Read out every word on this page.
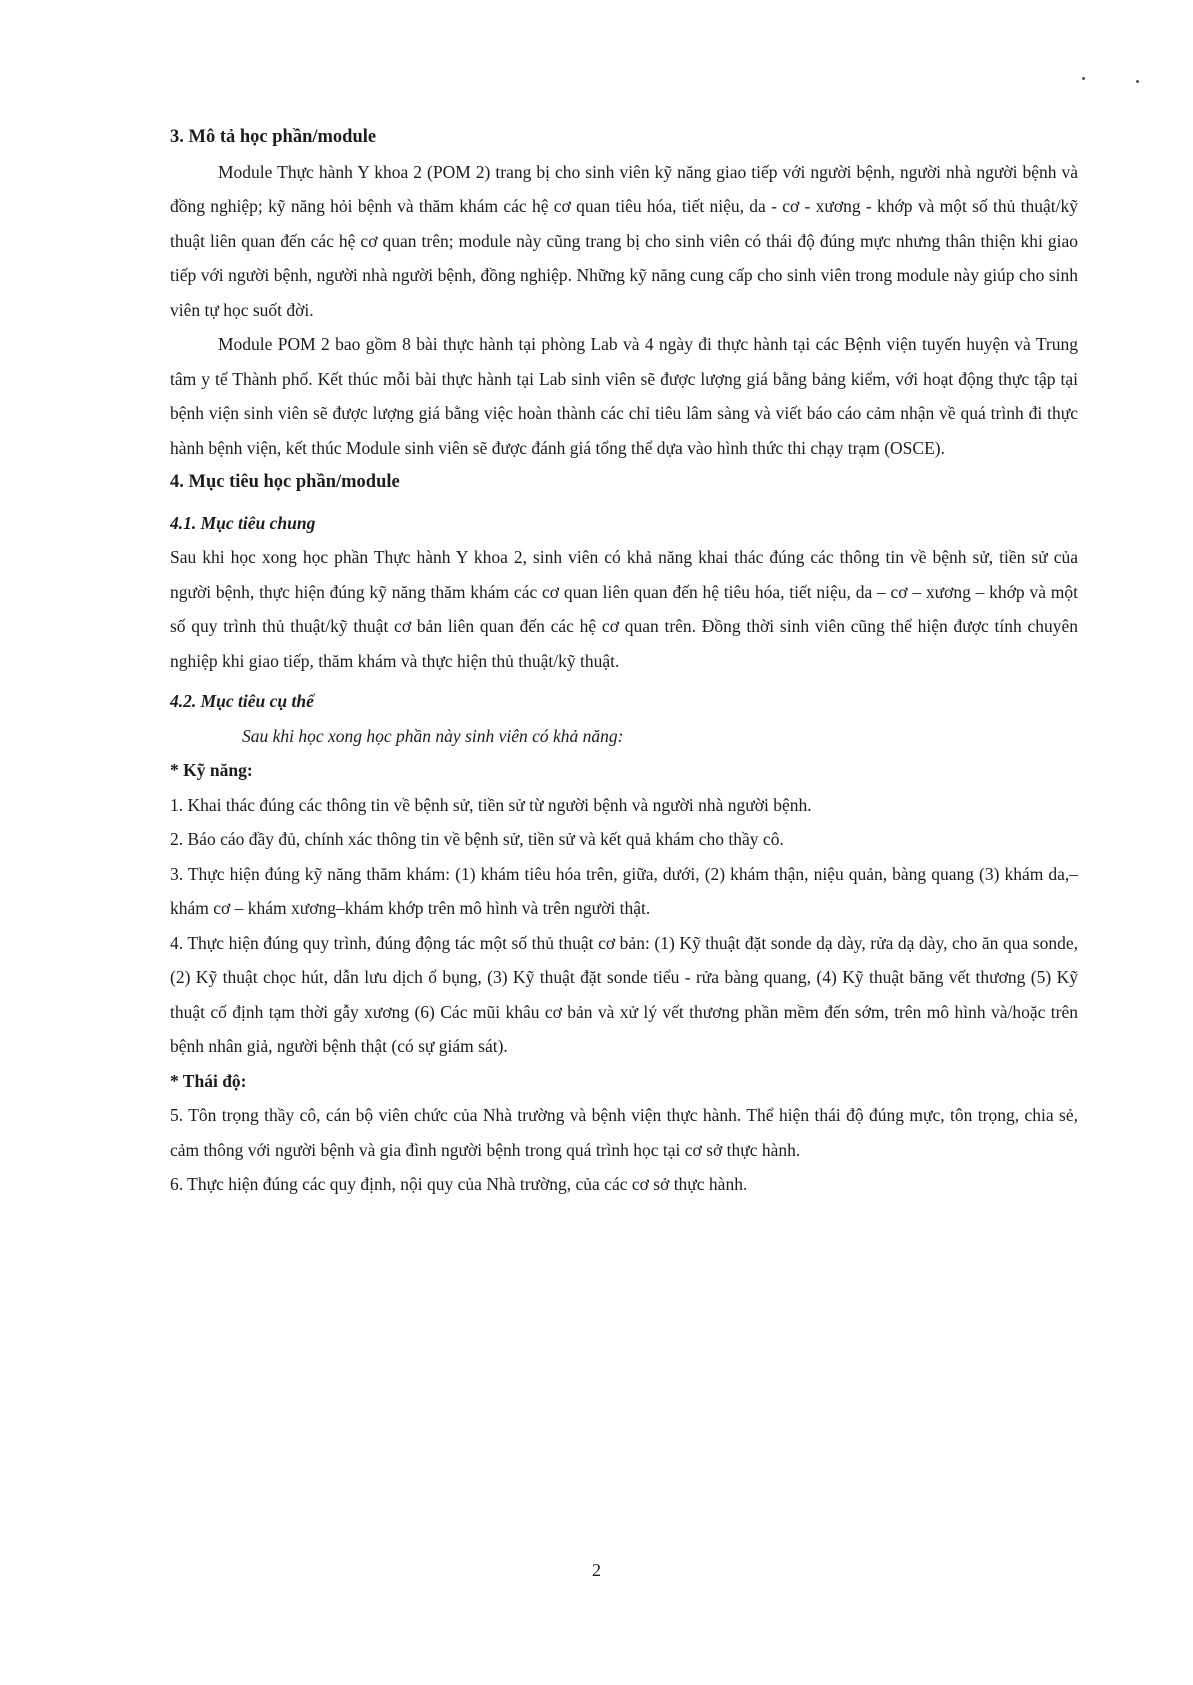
3. Mô tả học phần/module

Module Thực hành Y khoa 2 (POM 2) trang bị cho sinh viên kỹ năng giao tiếp với người bệnh, người nhà người bệnh và đồng nghiệp; kỹ năng hỏi bệnh và thăm khám các hệ cơ quan tiêu hóa, tiết niệu, da - cơ - xương - khớp và một số thủ thuật/kỹ thuật liên quan đến các hệ cơ quan trên; module này cũng trang bị cho sinh viên có thái độ đúng mực nhưng thân thiện khi giao tiếp với người bệnh, người nhà người bệnh, đồng nghiệp. Những kỹ năng cung cấp cho sinh viên trong module này giúp cho sinh viên tự học suốt đời.

Module POM 2 bao gồm 8 bài thực hành tại phòng Lab và 4 ngày đi thực hành tại các Bệnh viện tuyến huyện và Trung tâm y tế Thành phố. Kết thúc mỗi bài thực hành tại Lab sinh viên sẽ được lượng giá bằng bảng kiểm, với hoạt động thực tập tại bệnh viện sinh viên sẽ được lượng giá bằng việc hoàn thành các chỉ tiêu lâm sàng và viết báo cáo cảm nhận về quá trình đi thực hành bệnh viện, kết thúc Module sinh viên sẽ được đánh giá tổng thể dựa vào hình thức thi chạy trạm (OSCE).

4. Mục tiêu học phần/module

4.1. Mục tiêu chung

Sau khi học xong học phần Thực hành Y khoa 2, sinh viên có khả năng khai thác đúng các thông tin về bệnh sử, tiền sử của người bệnh, thực hiện đúng kỹ năng thăm khám các cơ quan liên quan đến hệ tiêu hóa, tiết niệu, da – cơ – xương – khớp và một số quy trình thủ thuật/kỹ thuật cơ bản liên quan đến các hệ cơ quan trên. Đồng thời sinh viên cũng thể hiện được tính chuyên nghiệp khi giao tiếp, thăm khám và thực hiện thủ thuật/kỹ thuật.

4.2. Mục tiêu cụ thể

Sau khi học xong học phần này sinh viên có khả năng:

* Kỹ năng:

1. Khai thác đúng các thông tin về bệnh sử, tiền sử từ người bệnh và người nhà người bệnh.

2. Báo cáo đầy đủ, chính xác thông tin về bệnh sử, tiền sử và kết quả khám cho thầy cô.

3. Thực hiện đúng kỹ năng thăm khám: (1) khám tiêu hóa trên, giữa, dưới, (2) khám thận, niệu quản, bàng quang (3) khám da,– khám cơ – khám xương–khám khớp trên mô hình và trên người thật.

4. Thực hiện đúng quy trình, đúng động tác một số thủ thuật cơ bản: (1) Kỹ thuật đặt sonde dạ dày, rửa dạ dày, cho ăn qua sonde, (2) Kỹ thuật chọc hút, dẫn lưu dịch ổ bụng, (3) Kỹ thuật đặt sonde tiểu - rửa bàng quang, (4) Kỹ thuật băng vết thương (5) Kỹ thuật cố định tạm thời gẫy xương (6) Các mũi khâu cơ bản và xử lý vết thương phần mềm đến sớm, trên mô hình và/hoặc trên bệnh nhân giả, người bệnh thật (có sự giám sát).

* Thái độ:

5. Tôn trọng thầy cô, cán bộ viên chức của Nhà trường và bệnh viện thực hành. Thể hiện thái độ đúng mực, tôn trọng, chia sẻ, cảm thông với người bệnh và gia đình người bệnh trong quá trình học tại cơ sở thực hành.

6. Thực hiện đúng các quy định, nội quy của Nhà trường, của các cơ sở thực hành.

2
